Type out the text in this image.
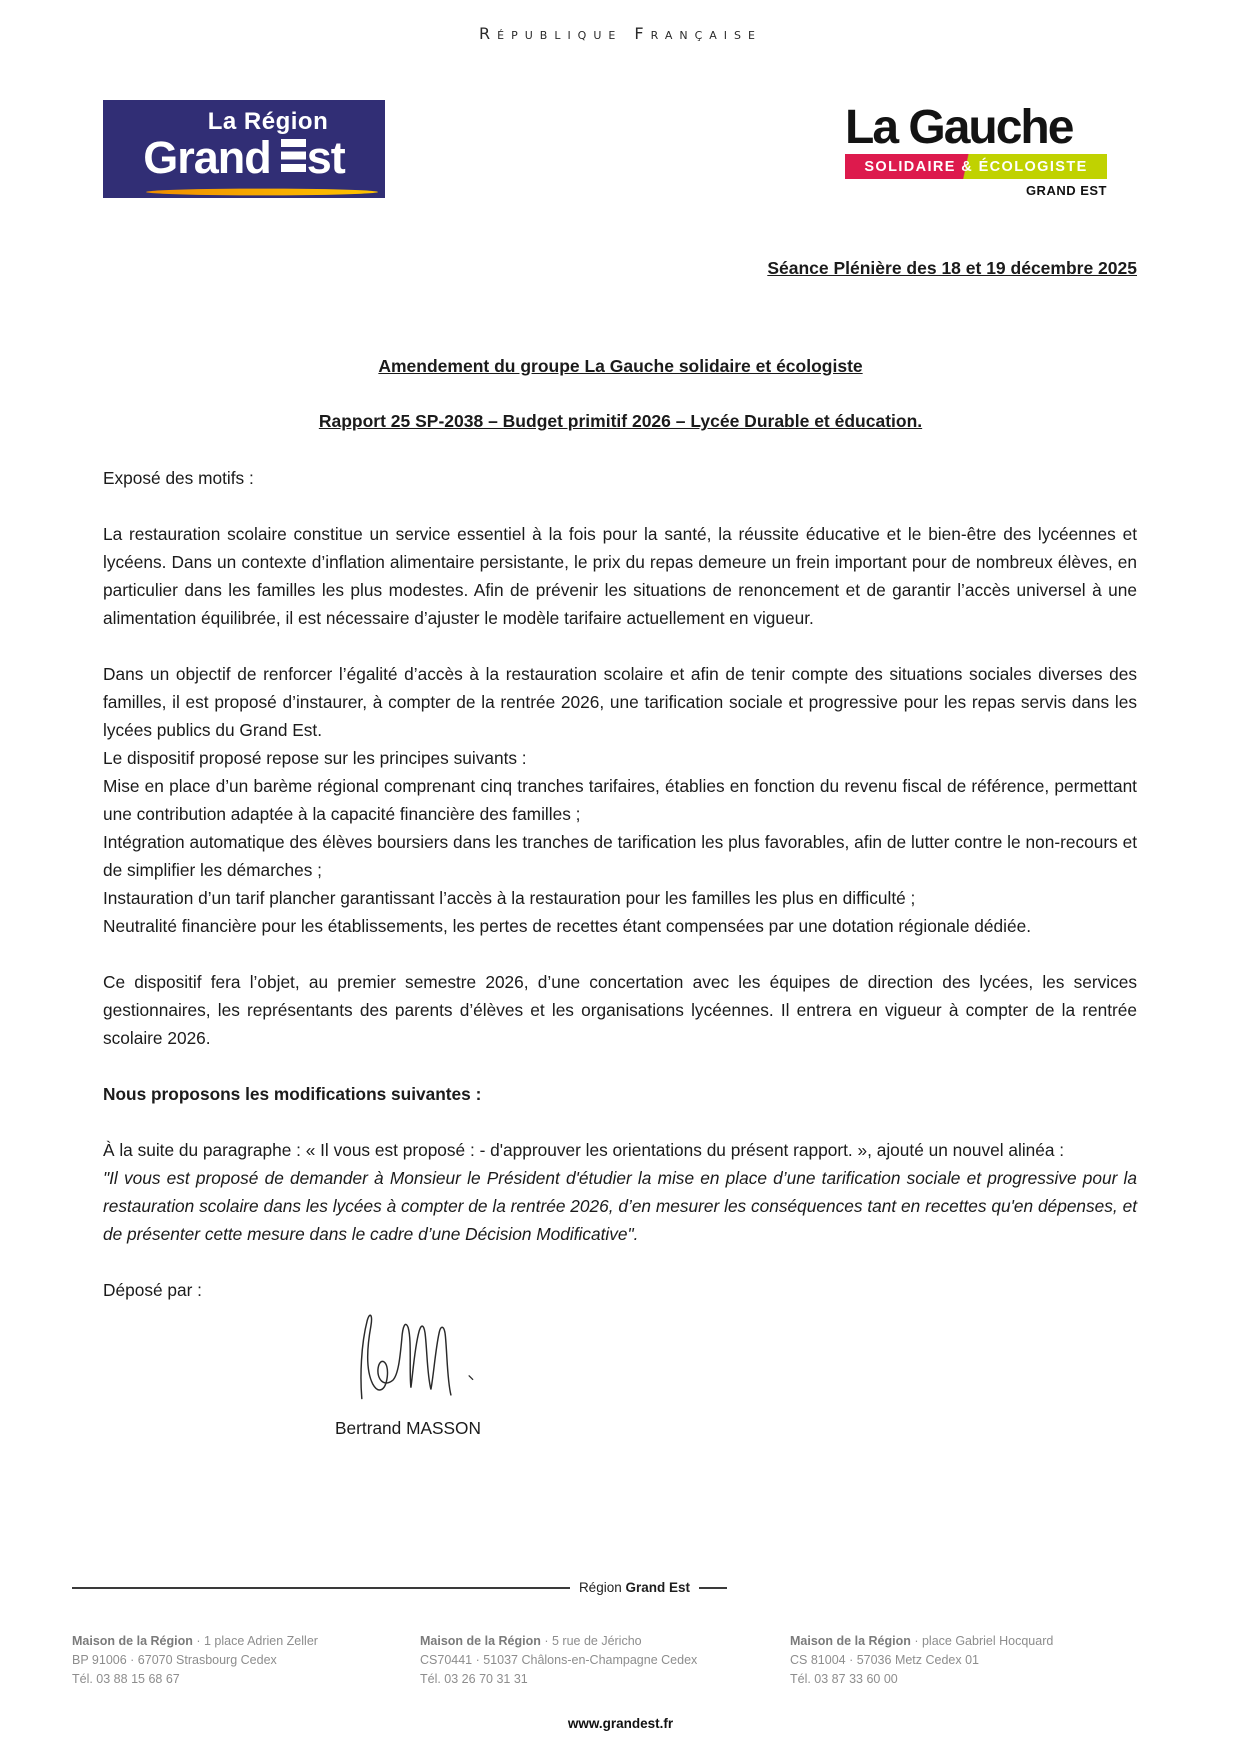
République Française
La Région
Grand st
La Gauche
SOLIDAIRE & ÉCOLOGISTE
GRAND EST
Séance Plénière des 18 et 19 décembre 2025
Amendement du groupe La Gauche solidaire et écologiste
Rapport 25 SP-2038 – Budget primitif 2026 – Lycée Durable et éducation.

Exposé des motifs :

La restauration scolaire constitue un service essentiel à la fois pour la santé, la réussite éducative et le bien-être des lycéennes et lycéens. Dans un contexte d’inflation alimentaire persistante, le prix du repas demeure un frein important pour de nombreux élèves, en particulier dans les familles les plus modestes. Afin de prévenir les situations de renoncement et de garantir l’accès universel à une alimentation équilibrée, il est nécessaire d’ajuster le modèle tarifaire actuellement en vigueur.

Dans un objectif de renforcer l’égalité d’accès à la restauration scolaire et afin de tenir compte des situations sociales diverses des familles, il est proposé d’instaurer, à compter de la rentrée 2026, une tarification sociale et progressive pour les repas servis dans les lycées publics du Grand Est.

Le dispositif proposé repose sur les principes suivants :

Mise en place d’un barème régional comprenant cinq tranches tarifaires, établies en fonction du revenu fiscal de référence, permettant une contribution adaptée à la capacité financière des familles ;

Intégration automatique des élèves boursiers dans les tranches de tarification les plus favorables, afin de lutter contre le non-recours et de simplifier les démarches ;

Instauration d’un tarif plancher garantissant l’accès à la restauration pour les familles les plus en difficulté ;

Neutralité financière pour les établissements, les pertes de recettes étant compensées par une dotation régionale dédiée.

Ce dispositif fera l’objet, au premier semestre 2026, d’une concertation avec les équipes de direction des lycées, les services gestionnaires, les représentants des parents d’élèves et les organisations lycéennes. Il entrera en vigueur à compter de la rentrée scolaire 2026.

Nous proposons les modifications suivantes :

À la suite du paragraphe : « Il vous est proposé : - d'approuver les orientations du présent rapport. », ajouté un nouvel alinéa :

"Il vous est proposé de demander à Monsieur le Président d'étudier la mise en place d’une tarification sociale et progressive pour la restauration scolaire dans les lycées à compter de la rentrée 2026, d’en mesurer les conséquences tant en recettes qu'en dépenses, et de présenter cette mesure dans le cadre d’une Décision Modificative".

Déposé par :

Bertrand MASSON

Région Grand Est
Maison de la Région · 1 place Adrien Zeller
BP 91006 · 67070 Strasbourg Cedex
Tél. 03 88 15 68 67
Maison de la Région · 5 rue de Jéricho
CS70441 · 51037 Châlons-en-Champagne Cedex
Tél. 03 26 70 31 31
Maison de la Région · place Gabriel Hocquard
CS 81004 · 57036 Metz Cedex 01
Tél. 03 87 33 60 00
www.grandest.fr
